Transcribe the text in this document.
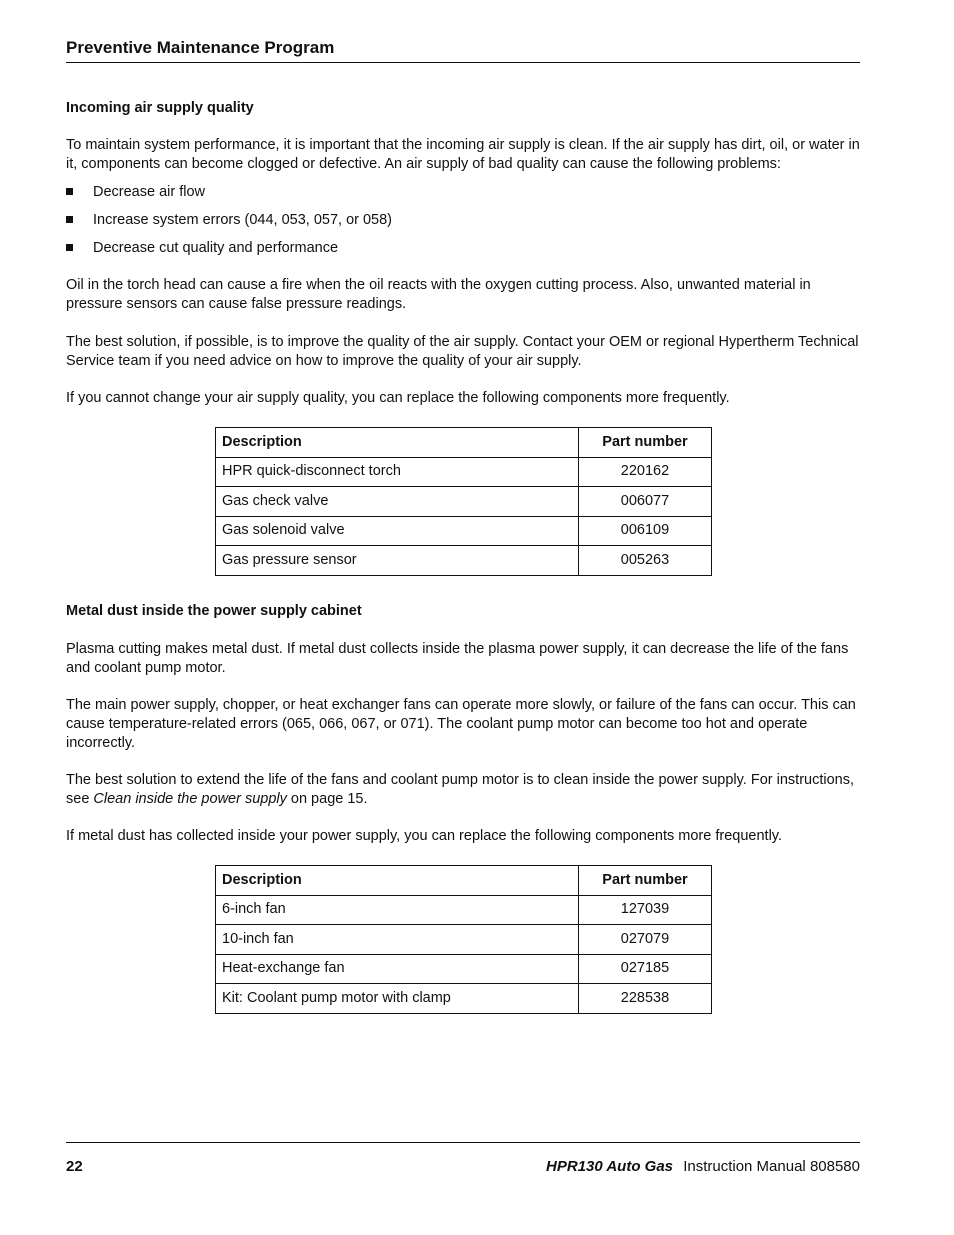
Preventive Maintenance Program
Incoming air supply quality
To maintain system performance, it is important that the incoming air supply is clean. If the air supply has dirt, oil, or water in it, components can become clogged or defective. An air supply of bad quality can cause the following problems:
Decrease air flow
Increase system errors (044, 053, 057, or 058)
Decrease cut quality and performance
Oil in the torch head can cause a fire when the oil reacts with the oxygen cutting process. Also, unwanted material in pressure sensors can cause false pressure readings.
The best solution, if possible, is to improve the quality of the air supply. Contact your OEM or regional Hypertherm Technical Service team if you need advice on how to improve the quality of your air supply.
If you cannot change your air supply quality, you can replace the following components more frequently.
Description	Part number
HPR quick-disconnect torch	220162
Gas check valve	006077
Gas solenoid valve	006109
Gas pressure sensor	005263
Metal dust inside the power supply cabinet
Plasma cutting makes metal dust. If metal dust collects inside the plasma power supply, it can decrease the life of the fans and coolant pump motor.
The main power supply, chopper, or heat exchanger fans can operate more slowly, or failure of the fans can occur. This can cause temperature-related errors (065, 066, 067, or 071). The coolant pump motor can become too hot and operate incorrectly.
The best solution to extend the life of the fans and coolant pump motor is to clean inside the power supply. For instructions, see Clean inside the power supply on page 15.
If metal dust has collected inside your power supply, you can replace the following components more frequently.
Description	Part number
6-inch fan	127039
10-inch fan	027079
Heat-exchange fan	027185
Kit: Coolant pump motor with clamp	228538
22	HPR130 Auto Gas Instruction Manual 808580
